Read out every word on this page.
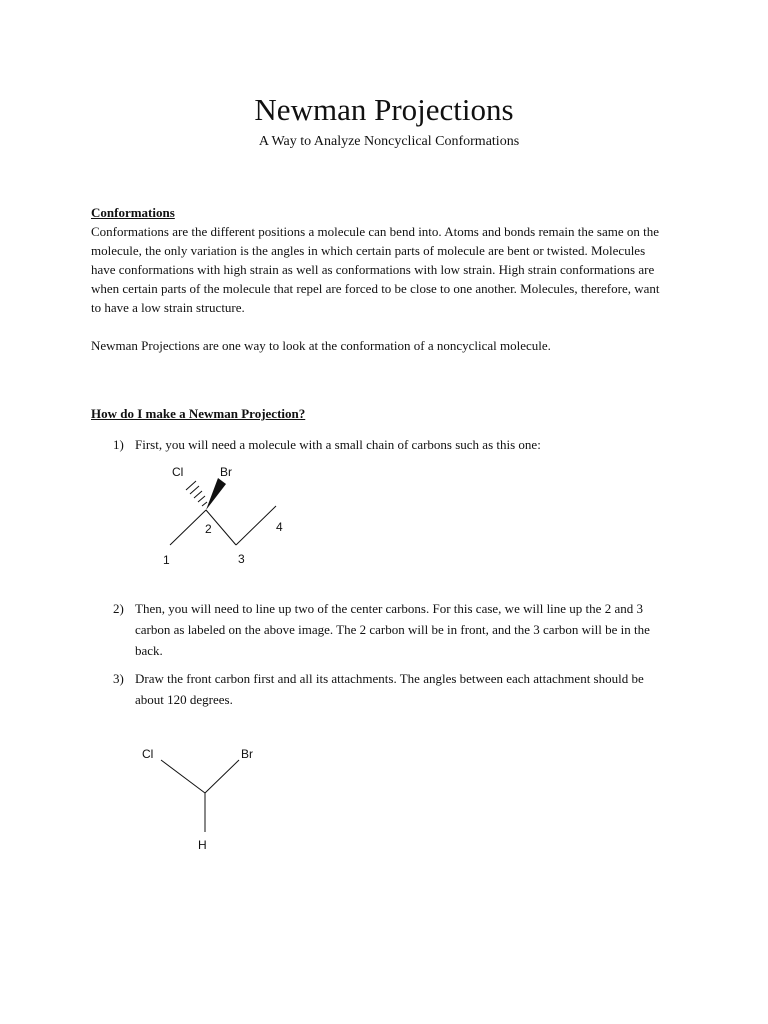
Newman Projections
A Way to Analyze Noncyclical Conformations
Conformations
Conformations are the different positions a molecule can bend into. Atoms and bonds remain the same on the molecule, the only variation is the angles in which certain parts of molecule are bent or twisted. Molecules have conformations with high strain as well as conformations with low strain. High strain conformations are when certain parts of the molecule that repel are forced to be close to one another. Molecules, therefore, want to have a low strain structure.
Newman Projections are one way to look at the conformation of a noncyclical molecule.
How do I make a Newman Projection?
1) First, you will need a molecule with a small chain of carbons such as this one:
Cl	Br
2	4
1	3
2) Then, you will need to line up two of the center carbons. For this case, we will line up the 2 and 3 carbon as labeled on the above image. The 2 carbon will be in front, and the 3 carbon will be in the back.
3) Draw the front carbon first and all its attachments. The angles between each attachment should be about 120 degrees.
Cl	Br
H
